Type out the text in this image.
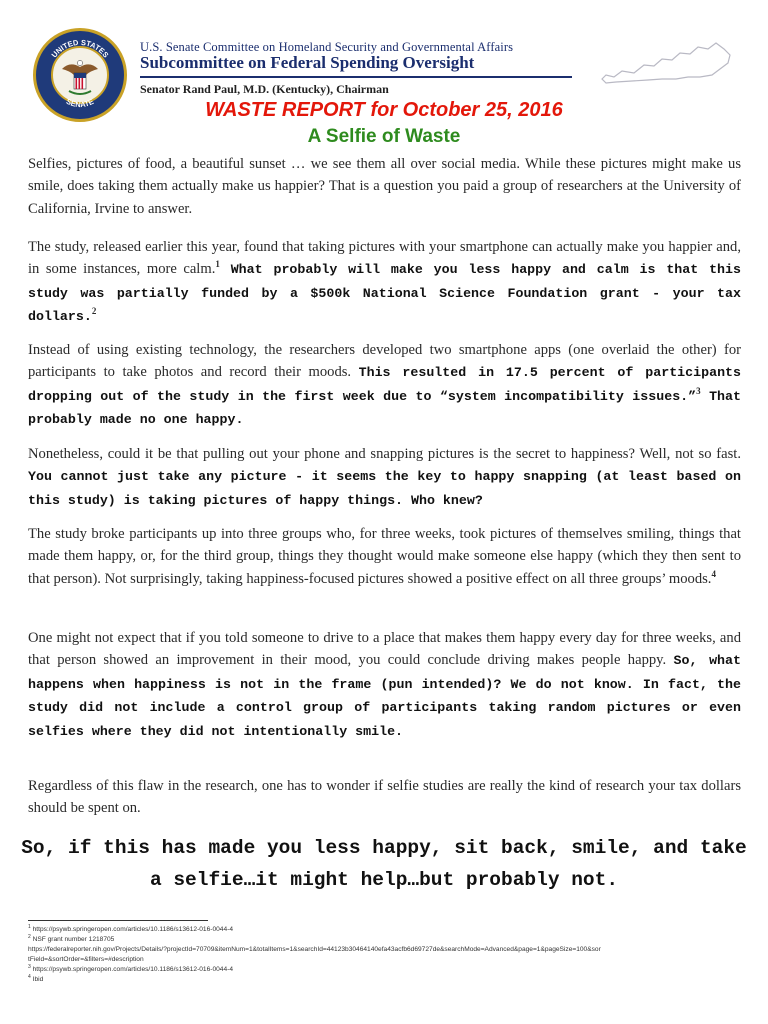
UNITED STATES
SENATE
U.S. Senate Committee on Homeland Security and Governmental Affairs
Subcommittee on Federal Spending Oversight
Senator Rand Paul, M.D. (Kentucky), Chairman
WASTE REPORT for October 25, 2016
A Selfie of Waste
Selfies, pictures of food, a beautiful sunset … we see them all over social media. While these pictures might make us smile, does taking them actually make us happier? That is a question you paid a group of researchers at the University of California, Irvine to answer.
The study, released earlier this year, found that taking pictures with your smartphone can actually make you happier and, in some instances, more calm.$^1$ What probably will make you less happy and calm is that this study was partially funded by a $500k National Science Foundation grant - your tax dollars.$^2$
Instead of using existing technology, the researchers developed two smartphone apps (one overlaid the other) for participants to take photos and record their moods. This resulted in 17.5 percent of participants dropping out of the study in the first week due to “system incompatibility issues.”$^3$ That probably made no one happy.
Nonetheless, could it be that pulling out your phone and snapping pictures is the secret to happiness? Well, not so fast. You cannot just take any picture - it seems the key to happy snapping (at least based on this study) is taking pictures of happy things. Who knew?
The study broke participants up into three groups who, for three weeks, took pictures of themselves smiling, things that made them happy, or, for the third group, things they thought would make someone else happy (which they then sent to that person). Not surprisingly, taking happiness-focused pictures showed a positive effect on all three groups’ moods.$^4$
One might not expect that if you told someone to drive to a place that makes them happy every day for three weeks, and that person showed an improvement in their mood, you could conclude driving makes people happy. So, what happens when happiness is not in the frame (pun intended)? We do not know. In fact, the study did not include a control group of participants taking random pictures or even selfies where they did not intentionally smile.
Regardless of this flaw in the research, one has to wonder if selfie studies are really the kind of research your tax dollars should be spent on.
So, if this has made you less happy, sit back, smile, and take a selfie…it might help…but probably not.
$^1$ https://psywb.springeropen.com/articles/10.1186/s13612-016-0044-4
$^2$ NSF grant number 1218705
https://federalreporter.nih.gov/Projects/Details/?projectId=70709&itemNum=1&totalItems=1&searchId=44123b30464140efa43acfb6d69727de&searchMode=Advanced&page=1&pageSize=100&sor
tField=&sortOrder=&filters=#description
$^3$ https://psywb.springeropen.com/articles/10.1186/s13612-016-0044-4
$^4$ Ibid
